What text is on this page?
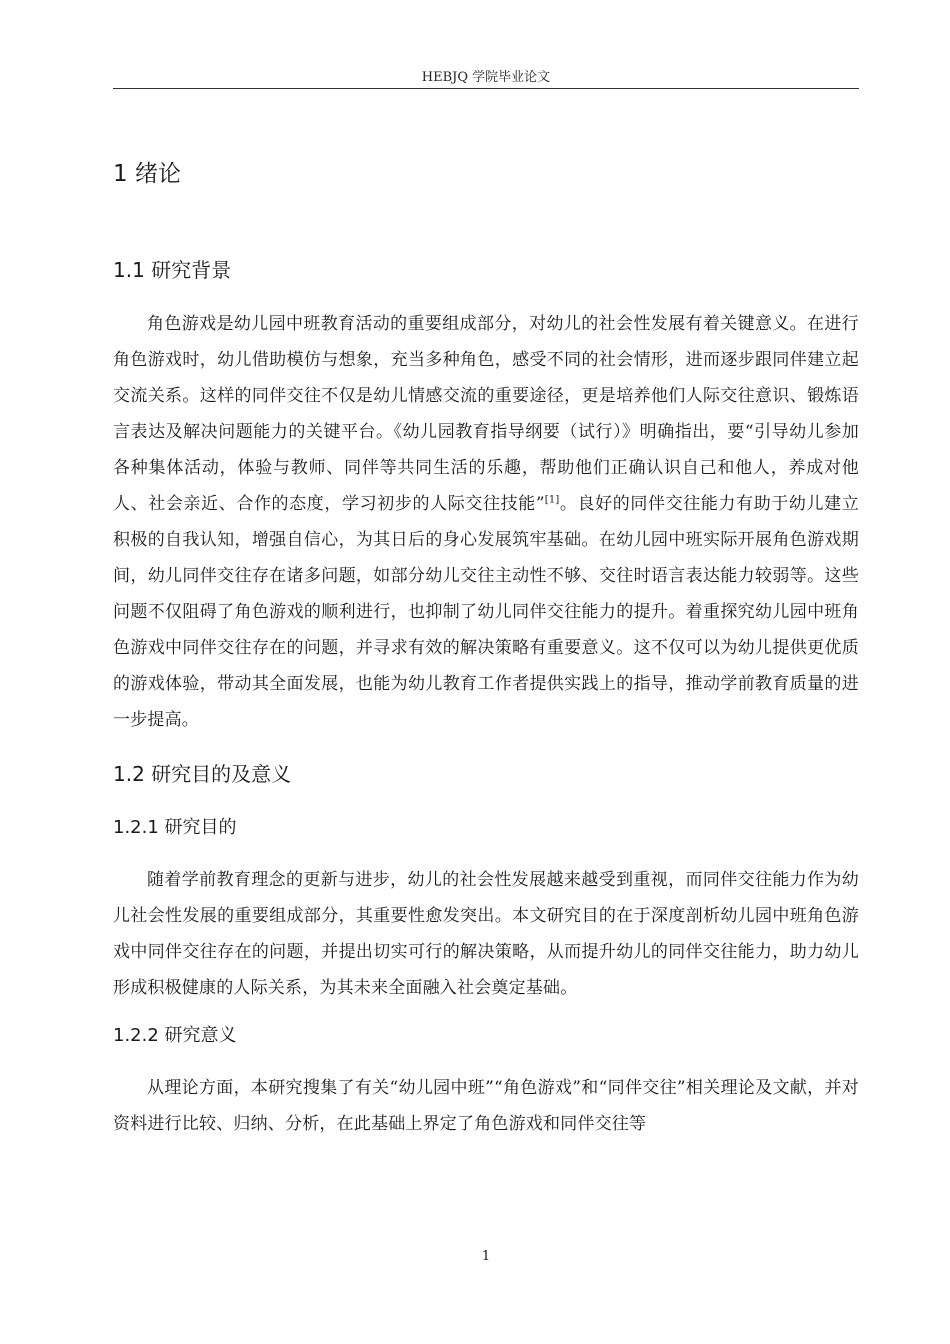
HEBJQ 学院毕业论文
1 绪论
1.1 研究背景

角色游戏是幼儿园中班教育活动的重要组成部分，对幼儿的社会性发展有着关键意义。在进行角色游戏时，幼儿借助模仿与想象，充当多种角色，感受不同的社会情形，进而逐步跟同伴建立起交流关系。这样的同伴交往不仅是幼儿情感交流的重要途径，更是培养他们人际交往意识、锻炼语言表达及解决问题能力的关键平台。《幼儿园教育指导纲要（试行）》明确指出，要“引导幼儿参加各种集体活动，体验与教师、同伴等共同生活的乐趣，帮助他们正确认识自己和他人，养成对他人、社会亲近、合作的态度，学习初步的人际交往技能”[1]。良好的同伴交往能力有助于幼儿建立积极的自我认知，增强自信心，为其日后的身心发展筑牢基础。在幼儿园中班实际开展角色游戏期间，幼儿同伴交往存在诸多问题，如部分幼儿交往主动性不够、交往时语言表达能力较弱等。这些问题不仅阻碍了角色游戏的顺利进行，也抑制了幼儿同伴交往能力的提升。着重探究幼儿园中班角色游戏中同伴交往存在的问题，并寻求有效的解决策略有重要意义。这不仅可以为幼儿提供更优质的游戏体验，带动其全面发展，也能为幼儿教育工作者提供实践上的指导，推动学前教育质量的进一步提高。

1.2 研究目的及意义
1.2.1 研究目的

随着学前教育理念的更新与进步，幼儿的社会性发展越来越受到重视，而同伴交往能力作为幼儿社会性发展的重要组成部分，其重要性愈发突出。本文研究目的在于深度剖析幼儿园中班角色游戏中同伴交往存在的问题，并提出切实可行的解决策略，从而提升幼儿的同伴交往能力，助力幼儿形成积极健康的人际关系，为其未来全面融入社会奠定基础。

1.2.2 研究意义

从理论方面，本研究搜集了有关“幼儿园中班”“角色游戏”和“同伴交往”相关理论及文献，并对资料进行比较、归纳、分析，在此基础上界定了角色游戏和同伴交往等

1
